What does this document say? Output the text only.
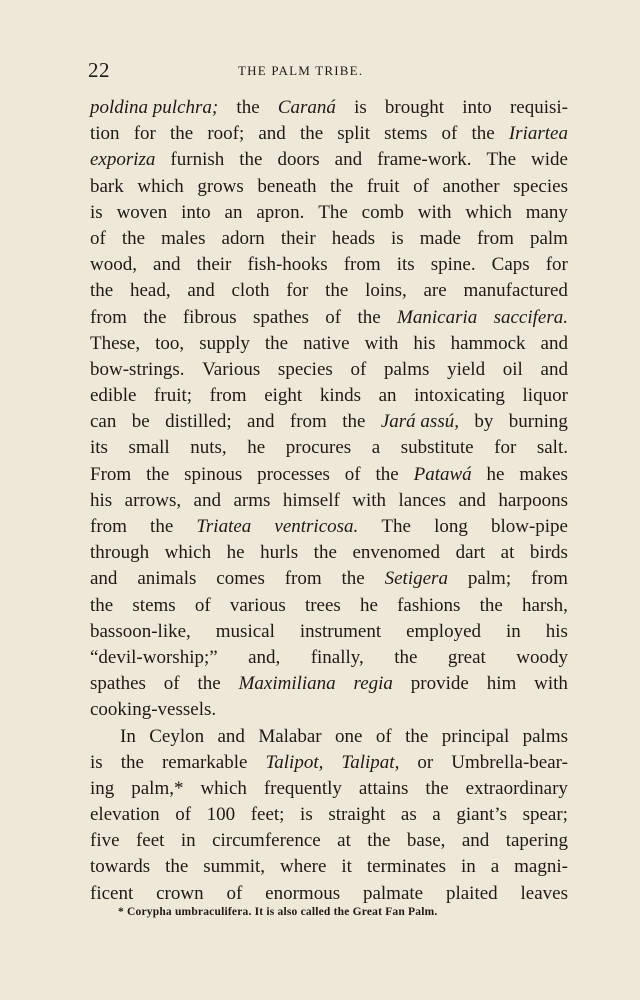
22	THE PALM TRIBE.
poldina pulchra; the Caraná is brought into requisi-
tion for the roof; and the split stems of the Iriartea
exporiza furnish the doors and frame-work. The wide
bark which grows beneath the fruit of another species
is woven into an apron. The comb with which many
of the males adorn their heads is made from palm
wood, and their fish-hooks from its spine. Caps for
the head, and cloth for the loins, are manufactured
from the fibrous spathes of the Manicaria saccifera.
These, too, supply the native with his hammock and
bow-strings. Various species of palms yield oil and
edible fruit; from eight kinds an intoxicating liquor
can be distilled; and from the Jará assú, by burning
its small nuts, he procures a substitute for salt.
From the spinous processes of the Patawá he makes
his arrows, and arms himself with lances and harpoons
from the Triatea ventricosa. The long blow-pipe
through which he hurls the envenomed dart at birds
and animals comes from the Setigera palm; from
the stems of various trees he fashions the harsh,
bassoon-like, musical instrument employed in his
“devil-worship;” and, finally, the great woody
spathes of the Maximiliana regia provide him with
cooking-vessels.
In Ceylon and Malabar one of the principal palms
is the remarkable Talipot, Talipat, or Umbrella-bear-
ing palm,* which frequently attains the extraordinary
elevation of 100 feet; is straight as a giant’s spear;
five feet in circumference at the base, and tapering
towards the summit, where it terminates in a magni-
ficent crown of enormous palmate plaited leaves
* Corypha umbraculifera. It is also called the Great Fan Palm.
